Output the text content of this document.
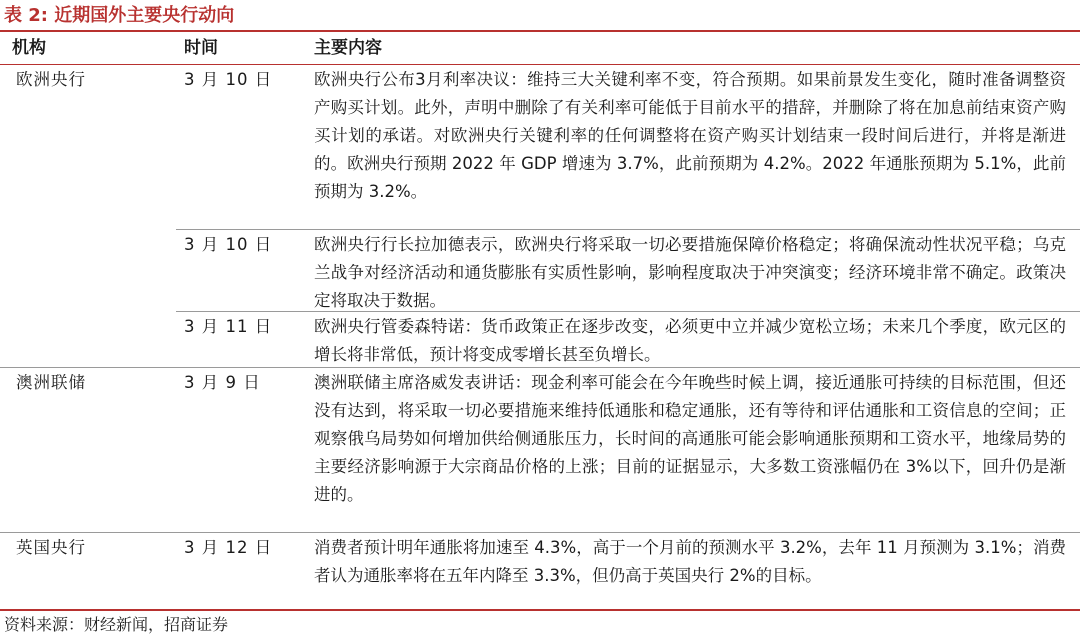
表 2: 近期国外主要央行动向
机构	时间	主要内容
欧洲央行	3 月 10 日	欧洲央行公布3月利率决议：维持三大关键利率不变，符合预期。如果前景发生变化，随时准备调整资产购买计划。此外，声明中删除了有关利率可能低于目前水平的措辞，并删除了将在加息前结束资产购买计划的承诺。对欧洲央行关键利率的任何调整将在资产购买计划结束一段时间后进行，并将是渐进的。欧洲央行预期 2022 年 GDP 增速为 3.7%，此前预期为 4.2%。2022 年通胀预期为 5.1%，此前预期为 3.2%。
3 月 10 日	欧洲央行行长拉加德表示，欧洲央行将采取一切必要措施保障价格稳定；将确保流动性状况平稳；乌克兰战争对经济活动和通货膨胀有实质性影响，影响程度取决于冲突演变；经济环境非常不确定。政策决定将取决于数据。
3 月 11 日	欧洲央行管委森特诺：货币政策正在逐步改变，必须更中立并减少宽松立场；未来几个季度，欧元区的增长将非常低，预计将变成零增长甚至负增长。
澳洲联储	3 月 9 日	澳洲联储主席洛威发表讲话：现金利率可能会在今年晚些时候上调，接近通胀可持续的目标范围，但还没有达到，将采取一切必要措施来维持低通胀和稳定通胀，还有等待和评估通胀和工资信息的空间；正观察俄乌局势如何增加供给侧通胀压力，长时间的高通胀可能会影响通胀预期和工资水平，地缘局势的主要经济影响源于大宗商品价格的上涨；目前的证据显示，大多数工资涨幅仍在 3%以下，回升仍是渐进的。
英国央行	3 月 12 日	消费者预计明年通胀将加速至 4.3%，高于一个月前的预测水平 3.2%，去年 11 月预测为 3.1%；消费者认为通胀率将在五年内降至 3.3%，但仍高于英国央行 2%的目标。
资料来源：财经新闻，招商证券
